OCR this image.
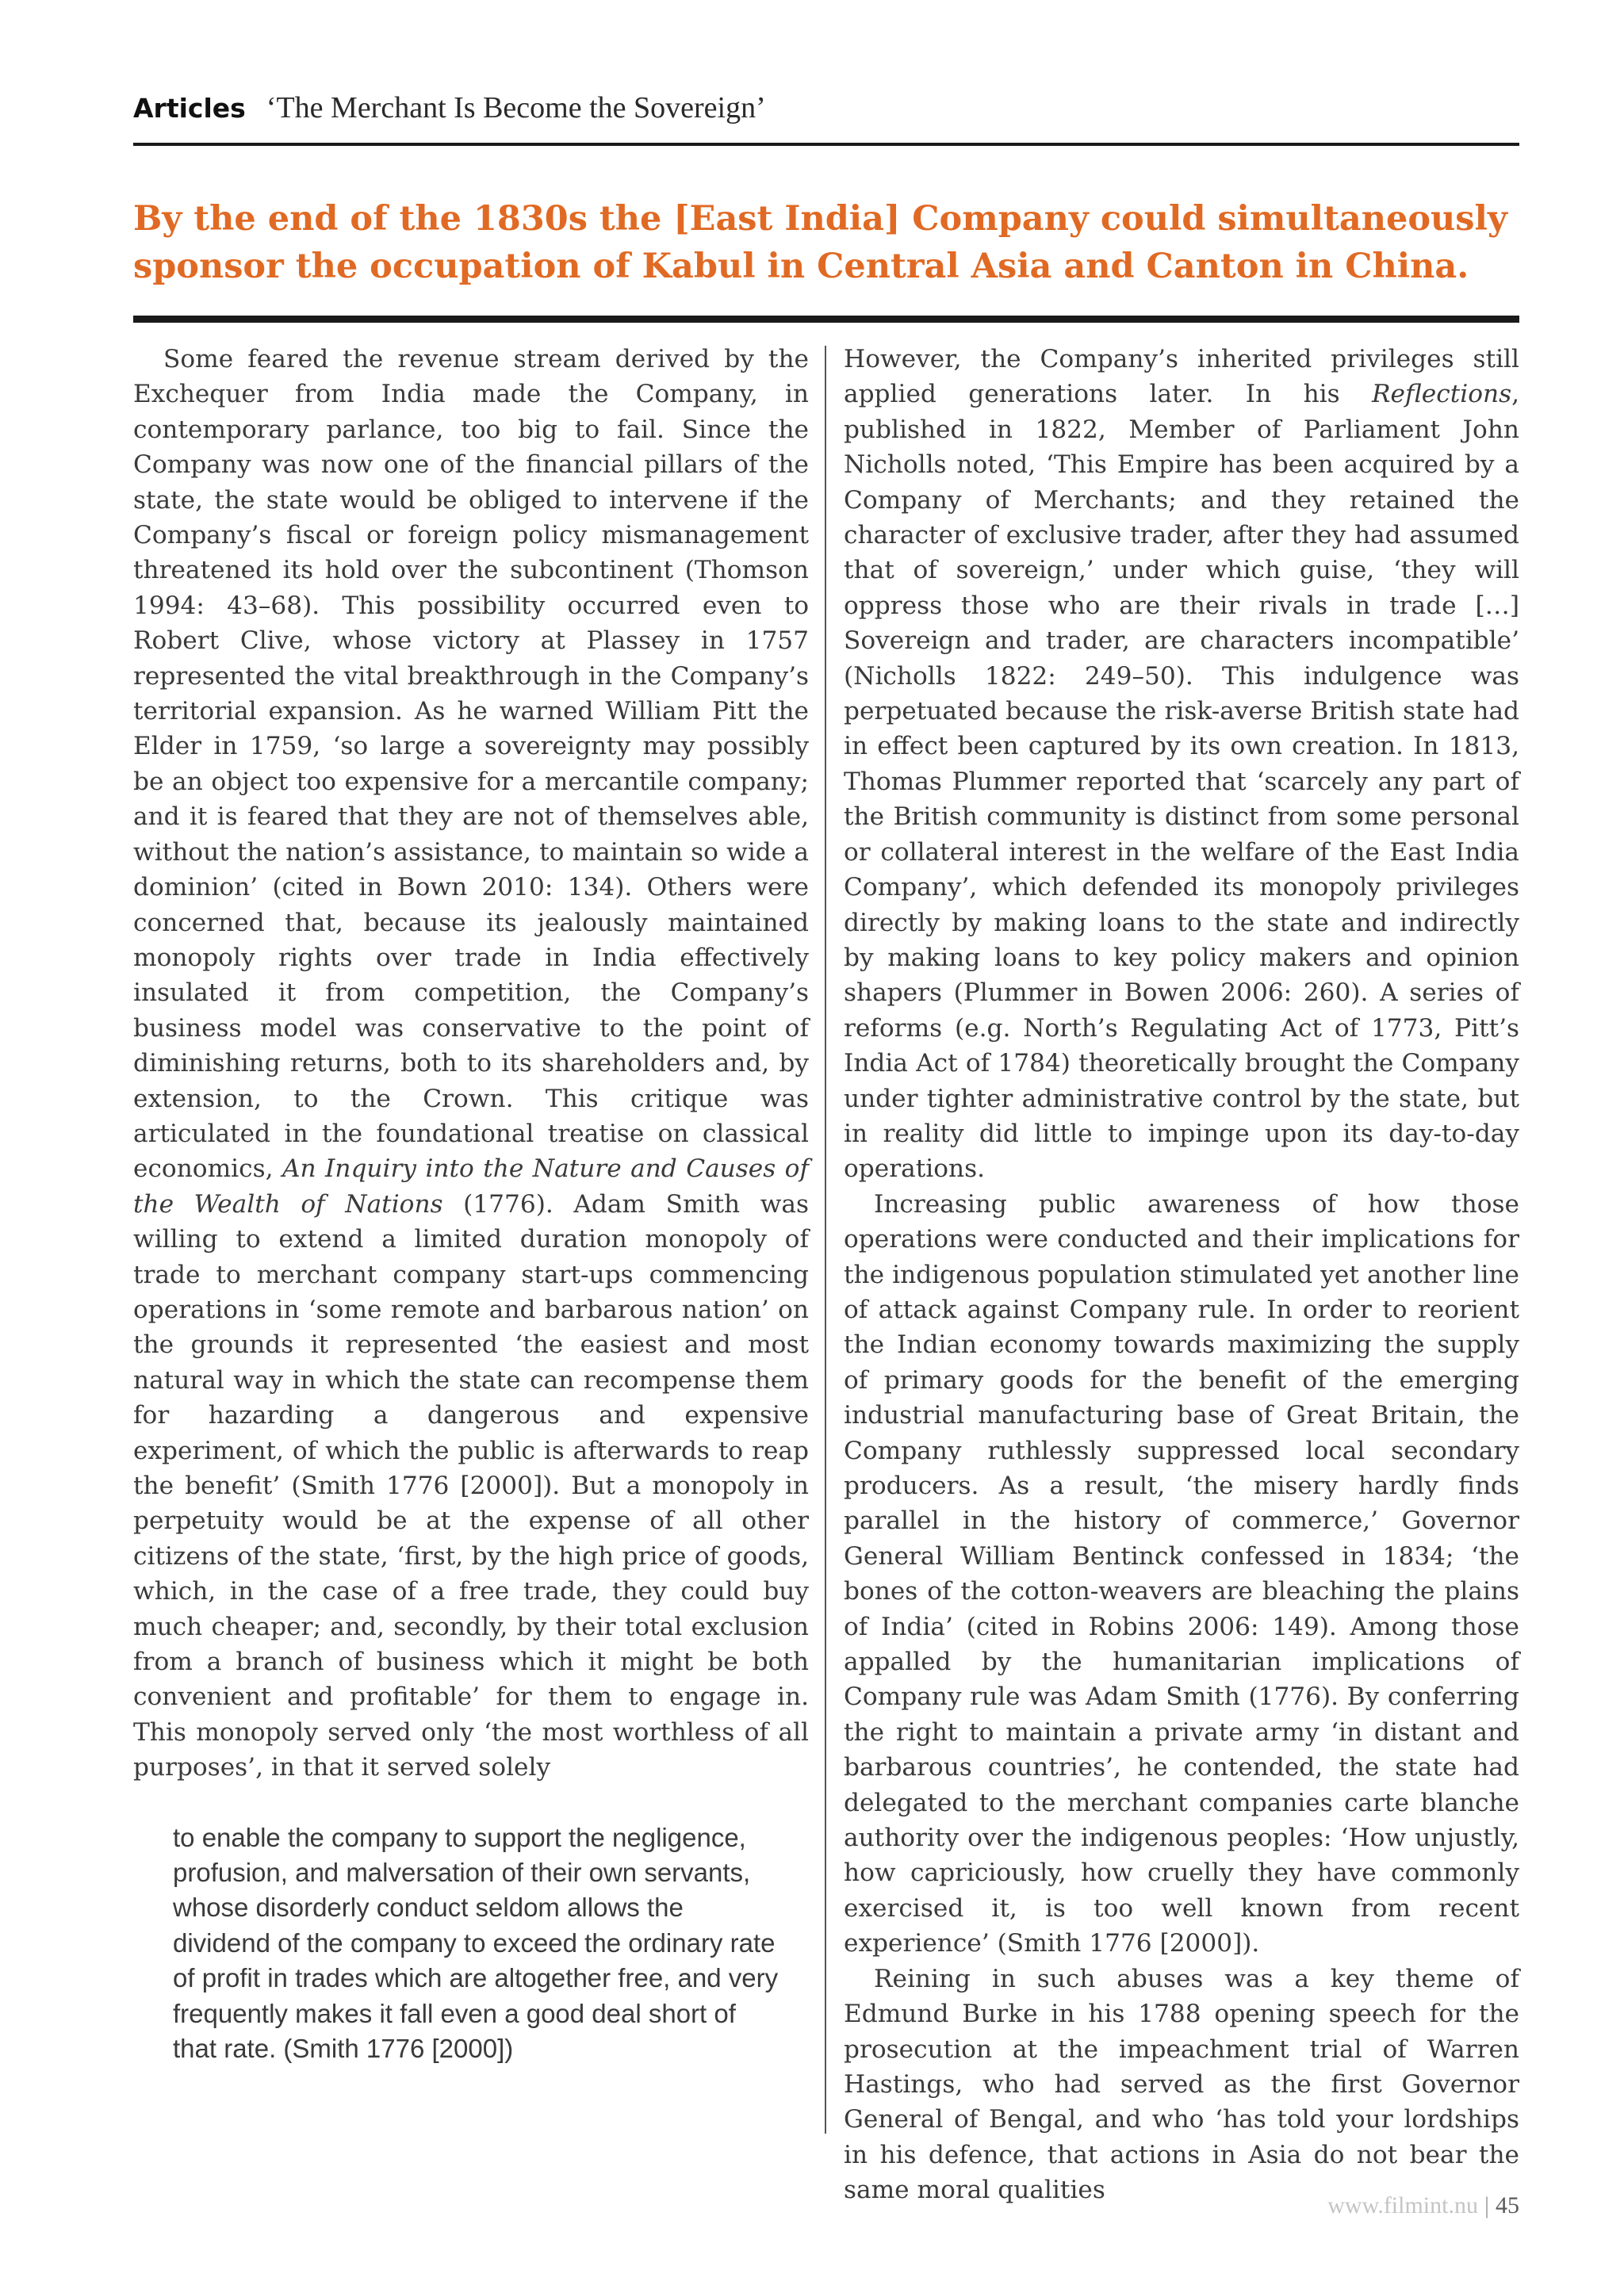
Articles ‘The Merchant Is Become the Sovereign’

By the end of the 1830s the [East India] Company could simultaneously sponsor the occupation of Kabul in Central Asia and Canton in China.

Some feared the revenue stream derived by the Exchequer from India made the Company, in contemporary parlance, too big to fail. Since the Company was now one of the financial pillars of the state, the state would be obliged to intervene if the Company’s fiscal or foreign policy mismanagement threatened its hold over the subcontinent (Thomson 1994: 43–68). This possibility occurred even to Robert Clive, whose victory at Plassey in 1757 represented the vital breakthrough in the Company’s territorial expansion. As he warned William Pitt the Elder in 1759, ‘so large a sovereignty may possibly be an object too expensive for a mercantile company; and it is feared that they are not of themselves able, without the nation’s assistance, to maintain so wide a dominion’ (cited in Bown 2010: 134). Others were concerned that, because its jealously maintained monopoly rights over trade in India effectively insulated it from competition, the Company’s business model was conservative to the point of diminishing returns, both to its shareholders and, by extension, to the Crown. This critique was articulated in the foundational treatise on classical economics, An Inquiry into the Nature and Causes of the Wealth of Nations (1776). Adam Smith was willing to extend a limited duration monopoly of trade to merchant company start-ups commencing operations in ‘some remote and barbarous nation’ on the grounds it represented ‘the easiest and most natural way in which the state can recompense them for hazarding a dangerous and expensive experiment, of which the public is afterwards to reap the benefit’ (Smith 1776 [2000]). But a monopoly in perpetuity would be at the expense of all other citizens of the state, ‘first, by the high price of goods, which, in the case of a free trade, they could buy much cheaper; and, secondly, by their total exclusion from a branch of business which it might be both convenient and profitable’ for them to engage in. This monopoly served only ‘the most worthless of all purposes’, in that it served solely

to enable the company to support the negligence, profusion, and malversation of their own servants, whose disorderly conduct seldom allows the dividend of the company to exceed the ordinary rate of profit in trades which are altogether free, and very frequently makes it fall even a good deal short of that rate. (Smith 1776 [2000])

However, the Company’s inherited privileges still applied generations later. In his Reflections, published in 1822, Member of Parliament John Nicholls noted, ‘This Empire has been acquired by a Company of Merchants; and they retained the character of exclusive trader, after they had assumed that of sovereign,’ under which guise, ‘they will oppress those who are their rivals in trade […] Sovereign and trader, are characters incompatible’ (Nicholls 1822: 249–50). This indulgence was perpetuated because the risk-averse British state had in effect been captured by its own creation. In 1813, Thomas Plummer reported that ‘scarcely any part of the British community is distinct from some personal or collateral interest in the welfare of the East India Company’, which defended its monopoly privileges directly by making loans to the state and indirectly by making loans to key policy makers and opinion shapers (Plummer in Bowen 2006: 260). A series of reforms (e.g. North’s Regulating Act of 1773, Pitt’s India Act of 1784) theoretically brought the Company under tighter administrative control by the state, but in reality did little to impinge upon its day-to-day operations.

Increasing public awareness of how those operations were conducted and their implications for the indigenous population stimulated yet another line of attack against Company rule. In order to reorient the Indian economy towards maximizing the supply of primary goods for the benefit of the emerging industrial manufacturing base of Great Britain, the Company ruthlessly suppressed local secondary producers. As a result, ‘the misery hardly finds parallel in the history of commerce,’ Governor General William Bentinck confessed in 1834; ‘the bones of the cotton-weavers are bleaching the plains of India’ (cited in Robins 2006: 149). Among those appalled by the humanitarian implications of Company rule was Adam Smith (1776). By conferring the right to maintain a private army ‘in distant and barbarous countries’, he contended, the state had delegated to the merchant companies carte blanche authority over the indigenous peoples: ‘How unjustly, how capriciously, how cruelly they have commonly exercised it, is too well known from recent experience’ (Smith 1776 [2000]).

Reining in such abuses was a key theme of Edmund Burke in his 1788 opening speech for the prosecution at the impeachment trial of Warren Hastings, who had served as the first Governor General of Bengal, and who ‘has told your lordships in his defence, that actions in Asia do not bear the same moral qualities

www.filmint.nu | 45
